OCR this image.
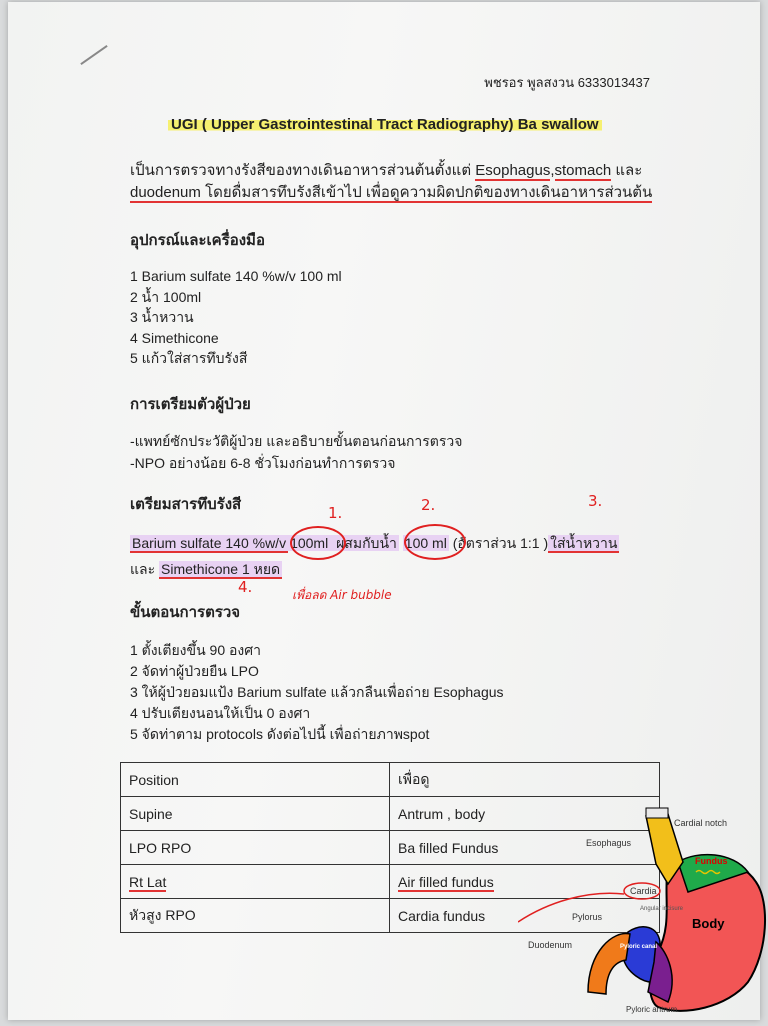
พชรอร พูลสงวน 6333013437
UGI ( Upper Gastrointestinal Tract Radiography) Ba swallow
เป็นการตรวจทางรังสีของทางเดินอาหารส่วนต้นตั้งแต่ Esophagus,stomach และ
duodenum โดยดื่มสารทึบรังสีเข้าไป เพื่อดูความผิดปกติของทางเดินอาหารส่วนต้น
อุปกรณ์และเครื่องมือ
1 Barium sulfate 140 %w/v 100 ml
2 น้ำ 100ml
3 น้ำหวาน
4 Simethicone
5 แก้วใส่สารทึบรังสี
การเตรียมตัวผู้ป่วย
-แพทย์ซักประวัติผู้ป่วย และอธิบายขั้นตอนก่อนการตรวจ
-NPO อย่างน้อย 6-8 ชั่วโมงก่อนทำการตรวจ
เตรียมสารทึบรังสี
Barium sulfate 140 %w/v 100ml ผสมกับน้ำ 100 ml (อัตราส่วน 1:1 ) ใส่น้ำหวาน
และ Simethicone 1 หยด
1.	2.	3.
4.	เพื่อลด Air bubble
ขั้นตอนการตรวจ
1 ตั้งเตียงขึ้น 90 องศา
2 จัดท่าผู้ป่วยยืน LPO
3 ให้ผู้ป่วยอมแป้ง Barium sulfate แล้วกลืนเพื่อถ่าย Esophagus
4 ปรับเตียงนอนให้เป็น 0 องศา
5 จัดท่าตาม protocols ดังต่อไปนี้ เพื่อถ่ายภาพspot
Position	เพื่อดู
Supine	Antrum , body
LPO RPO	Ba filled Fundus
Rt Lat	Air filled fundus
หัวสูง RPO	Cardia fundus
Fundus
Body
Cardial notch
Esophagus
Cardia
Angular incisure
Pylorus
Duodenum	Pyloric canal
Pyloric antrum
